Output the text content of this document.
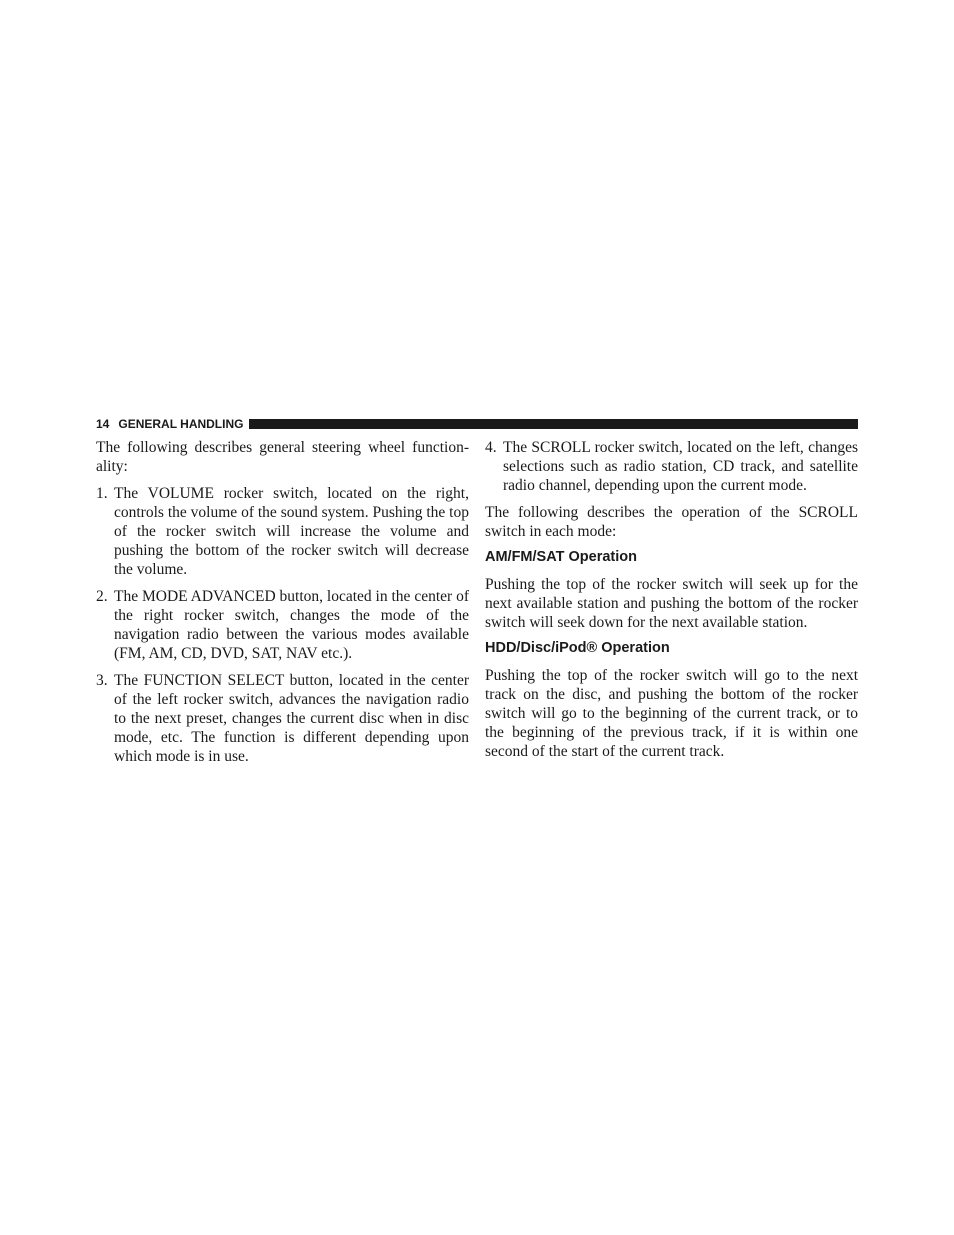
14 GENERAL HANDLING

The following describes general steering wheel function-ality:

1. The VOLUME rocker switch, located on the right, controls the volume of the sound system. Pushing the top of the rocker switch will increase the volume and pushing the bottom of the rocker switch will decrease the volume.
2. The MODE ADVANCED button, located in the center of the right rocker switch, changes the mode of the navigation radio between the various modes available (FM, AM, CD, DVD, SAT, NAV etc.).
3. The FUNCTION SELECT button, located in the center of the left rocker switch, advances the navigation radio to the next preset, changes the current disc when in disc mode, etc. The function is different depending upon which mode is in use.
4. The SCROLL rocker switch, located on the left, changes selections such as radio station, CD track, and satellite radio channel, depending upon the current mode.

The following describes the operation of the SCROLL switch in each mode:

AM/FM/SAT Operation

Pushing the top of the rocker switch will seek up for the next available station and pushing the bottom of the rocker switch will seek down for the next available station.

HDD/Disc/iPod® Operation

Pushing the top of the rocker switch will go to the next track on the disc, and pushing the bottom of the rocker switch will go to the beginning of the current track, or to the beginning of the previous track, if it is within one second of the start of the current track.
